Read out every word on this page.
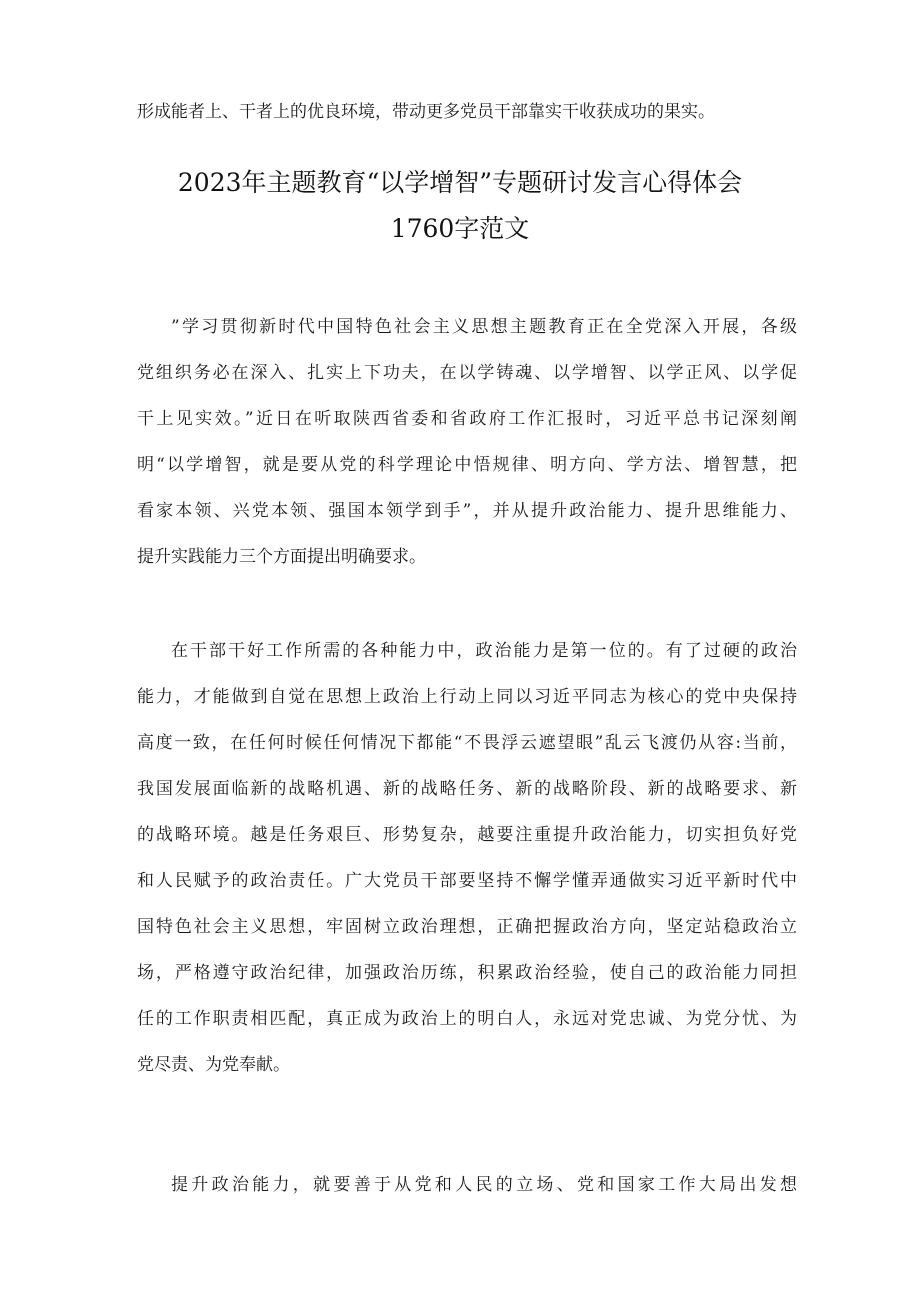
形成能者上、干者上的优良环境，带动更多党员干部靠实干收获成功的果实。
2023年主题教育“以学增智”专题研讨发言心得体会
1760字范文
”学习贯彻新时代中国特色社会主义思想主题教育正在全党深入开展，各级
党组织务必在深入、扎实上下功夫，在以学铸魂、以学增智、以学正风、以学促
干上见实效。”近日在听取陕西省委和省政府工作汇报时，习近平总书记深刻阐
明“以学增智，就是要从党的科学理论中悟规律、明方向、学方法、增智慧，把
看家本领、兴党本领、强国本领学到手”，并从提升政治能力、提升思维能力、
提升实践能力三个方面提出明确要求。
在干部干好工作所需的各种能力中，政治能力是第一位的。有了过硬的政治
能力，才能做到自觉在思想上政治上行动上同以习近平同志为核心的党中央保持
高度一致，在任何时候任何情况下都能“不畏浮云遮望眼”乱云飞渡仍从容:当前，
我国发展面临新的战略机遇、新的战略任务、新的战略阶段、新的战略要求、新
的战略环境。越是任务艰巨、形势复杂，越要注重提升政治能力，切实担负好党
和人民赋予的政治责任。广大党员干部要坚持不懈学懂弄通做实习近平新时代中
国特色社会主义思想，牢固树立政治理想，正确把握政治方向，坚定站稳政治立
场，严格遵守政治纪律，加强政治历练，积累政治经验，使自己的政治能力同担
任的工作职责相匹配，真正成为政治上的明白人，永远对党忠诚、为党分忧、为
党尽责、为党奉献。
提升政治能力，就要善于从党和人民的立场、党和国家工作大局出发想
